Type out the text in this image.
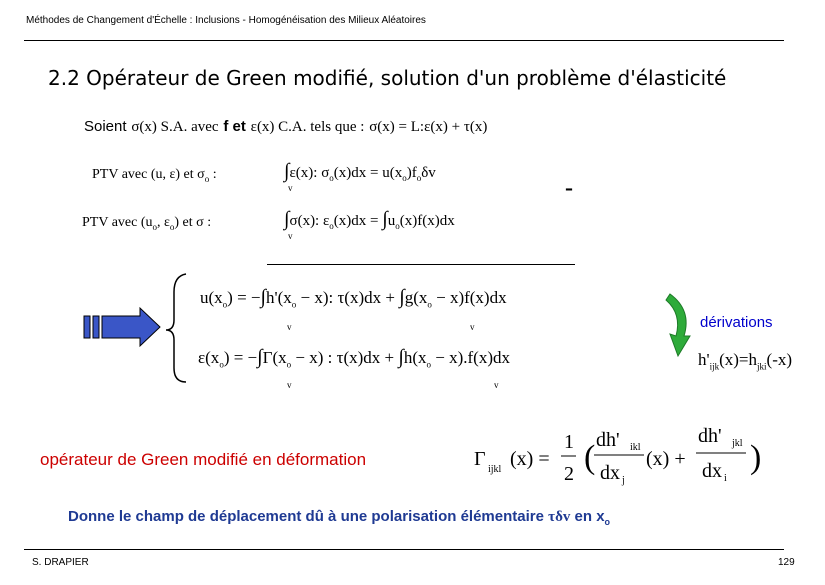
Méthodes de Changement d'Échelle : Inclusions - Homogénéisation des Milieux Aléatoires
2.2 Opérateur de Green modifié, solution d'un problème d'élasticité
Soient σ(x) S.A. avec f et ε(x) C.A. tels que : σ(x) = L:ε(x) + τ(x)
PTV avec (u, ε) et $\sigma_o$ :	∫ε(x): $\sigma_o(x)dx = u(x_o)f_o\delta v$
v	-
PTV avec ($u_o$, $\varepsilon_o$) et σ :	∫σ(x): $\varepsilon_o(x)dx = \int u_o(x)f(x)dx$
v
$u(x_o) = -\int h'(x_o - x)$: $\tau(x)dx + \int g(x_o - x)f(x)dx$
v	v
$\varepsilon(x_o) = -\int\Gamma(x_o - x)$ : $\tau(x)dx + \int h(x_o - x).f(x)dx$
v	v
dérivations
$h'_{ijk}(x)=h_{jki}(-x)$
opérateur de Green modifié en déformation	Γ ijkl (x) =
1
2 ( dh' ikl
dx j
(x) +
dh' jkl
dx i
)
Donne le champ de déplacement dû à une polarisation élémentaire τδv en $x_o$
S. DRAPIER	129
